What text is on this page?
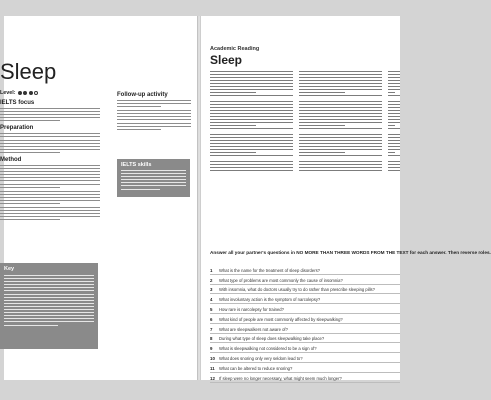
Sleep
Level:
IELTS focus
Preparation
Method
Follow-up activity
IELTS skills
Key
Academic Reading
Sleep
Answer all your partner's questions in NO MORE THAN THREE WORDS FROM THE TEXT for each answer. Then reverse roles.
1	What is the name for the treatment of sleep disorders?
2	What type of problems are most commonly the cause of insomnia?
3	With insomnia, what do doctors usually try to do rather than prescribe sleeping pills?
4	What involuntary action is the symptom of narcolepsy?
5	How rare is narcolepsy for trained?
6	What kind of people are most commonly affected by sleepwalking?
7	What are sleepwalkers not aware of?
8	During what type of sleep does sleepwalking take place?
9	What is sleepwalking not considered to be a sign of?
10 What does snoring only very seldom lead to?
11	What can be altered to reduce snoring?
12 If sleep were no longer necessary, what might seem much longer?
